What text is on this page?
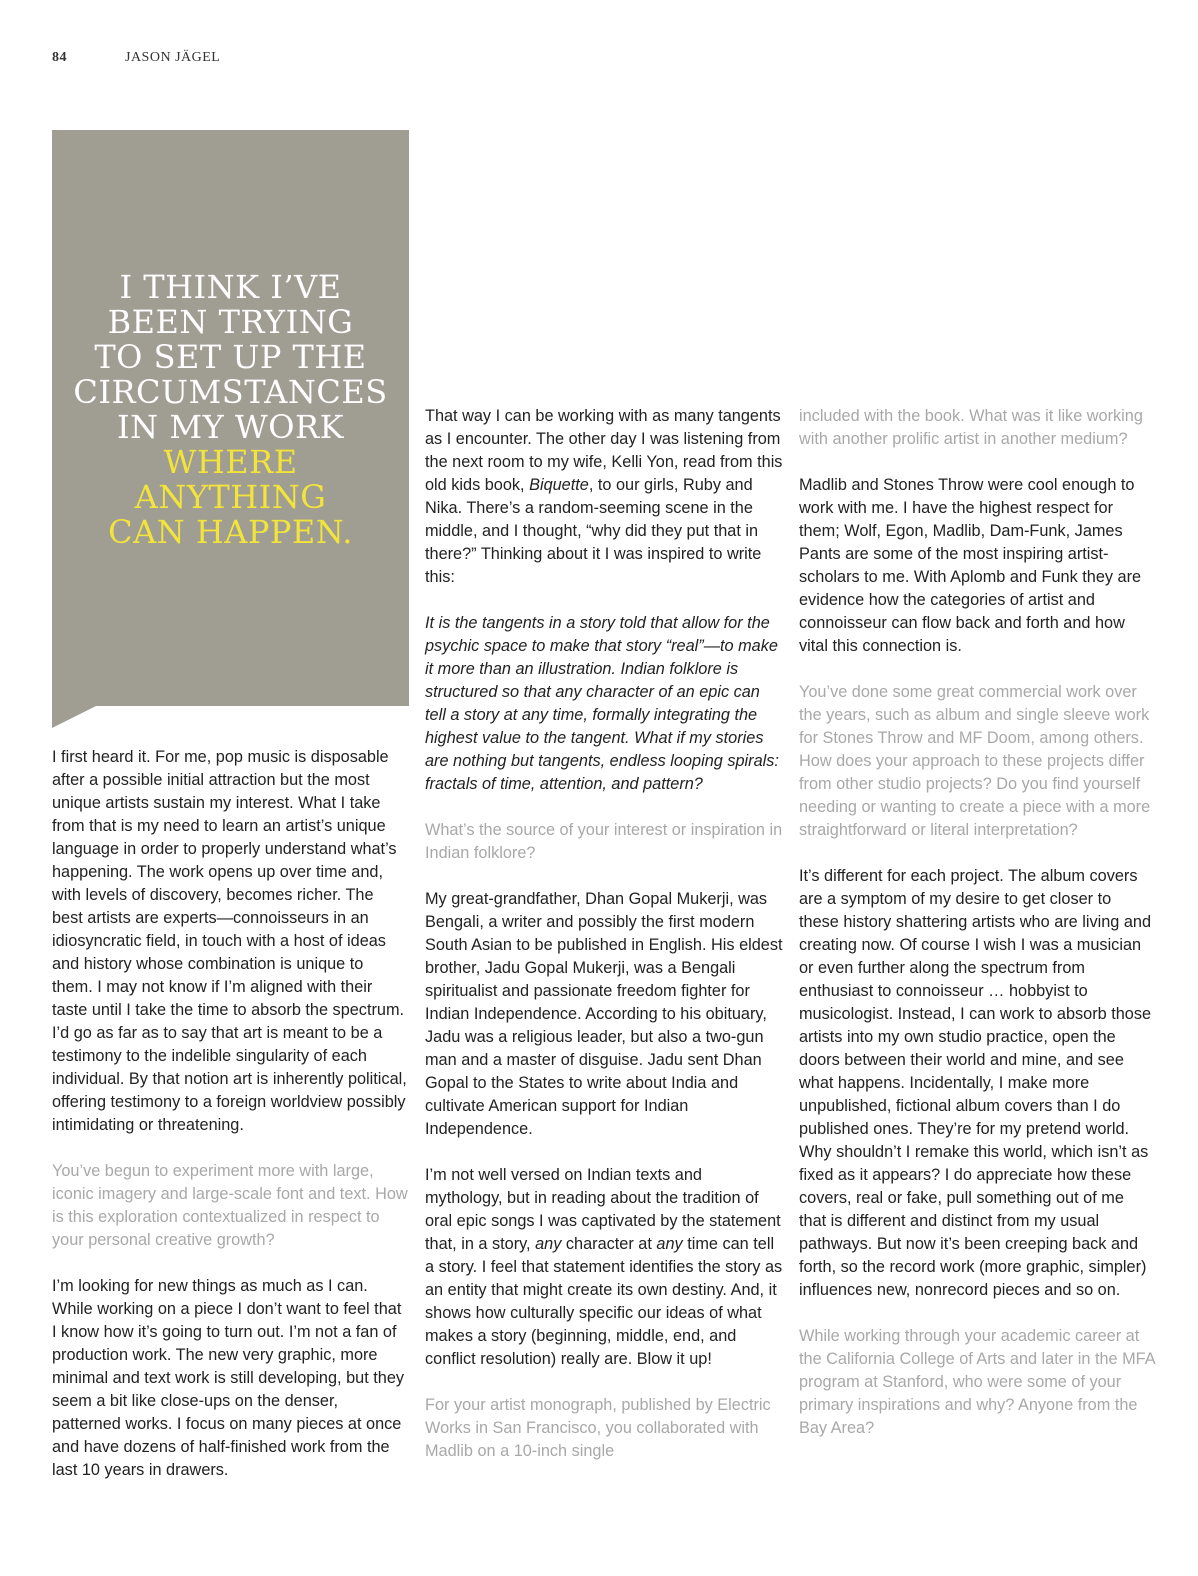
84	JASON JÄGEL
I THINK I’VE
BEEN TRYING
TO SET UP THE
CIRCUMSTANCES
IN MY WORK
WHERE
ANYTHING
CAN HAPPEN.

I first heard it. For me, pop music is disposable after a possible initial attraction but the most unique artists sustain my interest. What I take from that is my need to learn an artist’s unique language in order to properly understand what’s happening. The work opens up over time and, with levels of discovery, becomes richer. The best artists are experts—connoisseurs in an idiosyncratic field, in touch with a host of ideas and history whose combination is unique to them. I may not know if I’m aligned with their taste until I take the time to absorb the spectrum. I’d go as far as to say that art is meant to be a testimony to the indelible singularity of each individual. By that notion art is inherently political, offering testimony to a foreign worldview possibly intimidating or threatening.

You’ve begun to experiment more with large, iconic imagery and large-scale font and text. How is this exploration contextualized in respect to your personal creative growth?

I’m looking for new things as much as I can. While working on a piece I don’t want to feel that I know how it’s going to turn out. I’m not a fan of production work. The new very graphic, more minimal and text work is still developing, but they seem a bit like close-ups on the denser, patterned works. I focus on many pieces at once and have dozens of half-finished work from the last 10 years in drawers.

That way I can be working with as many tangents as I encounter. The other day I was listening from the next room to my wife, Kelli Yon, read from this old kids book, Biquette, to our girls, Ruby and Nika. There’s a random-seeming scene in the middle, and I thought, “why did they put that in there?” Thinking about it I was inspired to write this:

It is the tangents in a story told that allow for the psychic space to make that story “real”—to make it more than an illustration. Indian folklore is structured so that any character of an epic can tell a story at any time, formally integrating the highest value to the tangent. What if my stories are nothing but tangents, endless looping spirals: fractals of time, attention, and pattern?

What’s the source of your interest or inspiration in Indian folklore?

My great-grandfather, Dhan Gopal Mukerji, was Bengali, a writer and possibly the first modern South Asian to be published in English. His eldest brother, Jadu Gopal Mukerji, was a Bengali spiritualist and passionate freedom fighter for Indian Independence. According to his obituary, Jadu was a religious leader, but also a two-gun man and a master of disguise. Jadu sent Dhan Gopal to the States to write about India and cultivate American support for Indian Independence.

I’m not well versed on Indian texts and mythology, but in reading about the tradition of oral epic songs I was captivated by the statement that, in a story, any character at any time can tell a story. I feel that statement identifies the story as an entity that might create its own destiny. And, it shows how culturally specific our ideas of what makes a story (beginning, middle, end, and conflict resolution) really are. Blow it up!

For your artist monograph, published by Electric Works in San Francisco, you collaborated with Madlib on a 10-inch single

included with the book. What was it like working with another prolific artist in another medium?

Madlib and Stones Throw were cool enough to work with me. I have the highest respect for them; Wolf, Egon, Madlib, Dam-Funk, James Pants are some of the most inspiring artist-scholars to me. With Aplomb and Funk they are evidence how the categories of artist and connoisseur can flow back and forth and how vital this connection is.

You’ve done some great commercial work over the years, such as album and single sleeve work for Stones Throw and MF Doom, among others. How does your approach to these projects differ from other studio projects? Do you find yourself needing or wanting to create a piece with a more straightforward or literal interpretation?

It’s different for each project. The album covers are a symptom of my desire to get closer to these history shattering artists who are living and creating now. Of course I wish I was a musician or even further along the spectrum from enthusiast to connoisseur … hobbyist to musicologist. Instead, I can work to absorb those artists into my own studio practice, open the doors between their world and mine, and see what happens. Incidentally, I make more unpublished, fictional album covers than I do published ones. They’re for my pretend world. Why shouldn’t I remake this world, which isn’t as fixed as it appears? I do appreciate how these covers, real or fake, pull something out of me that is different and distinct from my usual pathways. But now it’s been creeping back and forth, so the record work (more graphic, simpler) influences new, nonrecord pieces and so on.

While working through your academic career at the California College of Arts and later in the MFA program at Stanford, who were some of your primary inspirations and why? Anyone from the Bay Area?
